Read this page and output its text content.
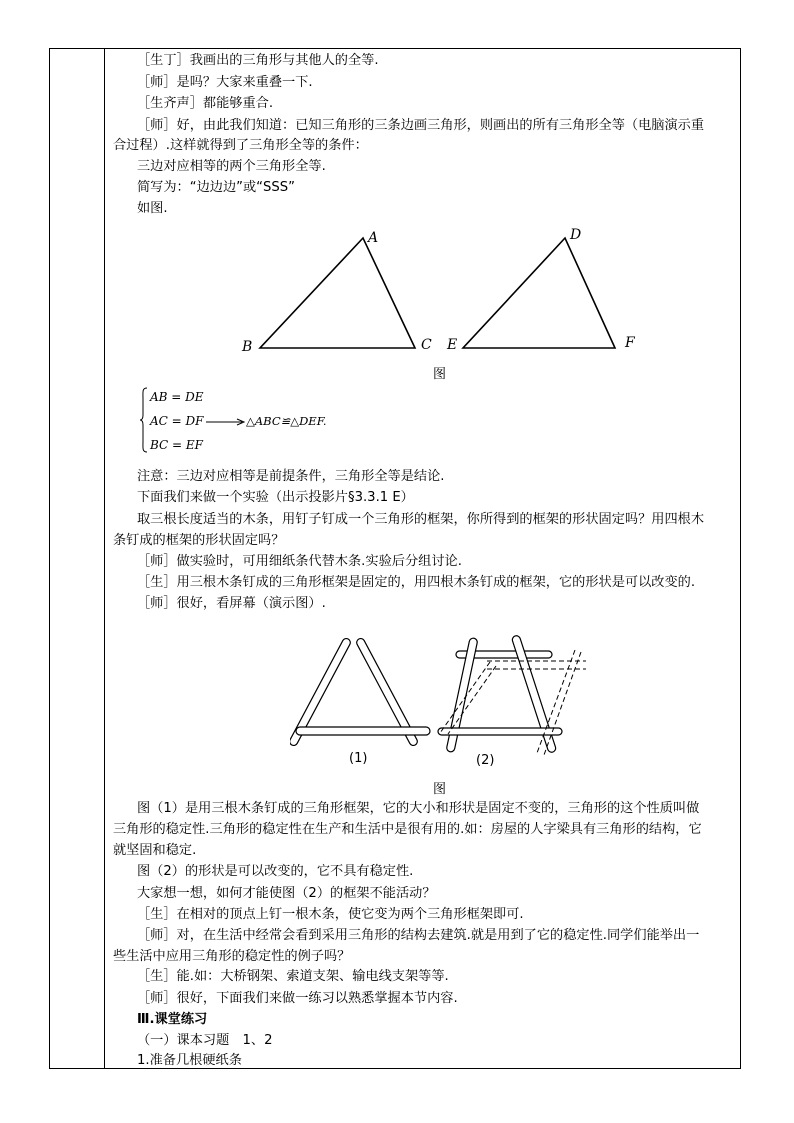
［生丁］我画出的三角形与其他人的全等.
［师］是吗？大家来重叠一下.
［生齐声］都能够重合.
［师］好，由此我们知道：已知三角形的三条边画三角形，则画出的所有三角形全等（电脑演示重
合过程）.这样就得到了三角形全等的条件：
三边对应相等的两个三角形全等.
简写为：“边边边”或“SSS”
如图.
A
B	C
D
E	F
图
AB = DE
AC = DF	△ABC≌△DEF.
BC = EF
注意：三边对应相等是前提条件，三角形全等是结论.
下面我们来做一个实验（出示投影片§3.3.1 E）
取三根长度适当的木条，用钉子钉成一个三角形的框架，你所得到的框架的形状固定吗？用四根木
条钉成的框架的形状固定吗？
［师］做实验时，可用细纸条代替木条.实验后分组讨论.
［生］用三根木条钉成的三角形框架是固定的，用四根木条钉成的框架，它的形状是可以改变的.
［师］很好，看屏幕（演示图）.
(1)	(2)
图
图（1）是用三根木条钉成的三角形框架，它的大小和形状是固定不变的，三角形的这个性质叫做
三角形的稳定性.三角形的稳定性在生产和生活中是很有用的.如：房屋的人字梁具有三角形的结构，它
就坚固和稳定.
图（2）的形状是可以改变的，它不具有稳定性.
大家想一想，如何才能使图（2）的框架不能活动？
［生］在相对的顶点上钉一根木条，使它变为两个三角形框架即可.
［师］对，在生活中经常会看到采用三角形的结构去建筑.就是用到了它的稳定性.同学们能举出一
些生活中应用三角形的稳定性的例子吗？
［生］能.如：大桥钢架、索道支架、输电线支架等等.
［师］很好，下面我们来做一练习以熟悉掌握本节内容.
Ⅲ.课堂练习
（一）课本习题　1、2
1.准备几根硬纸条
